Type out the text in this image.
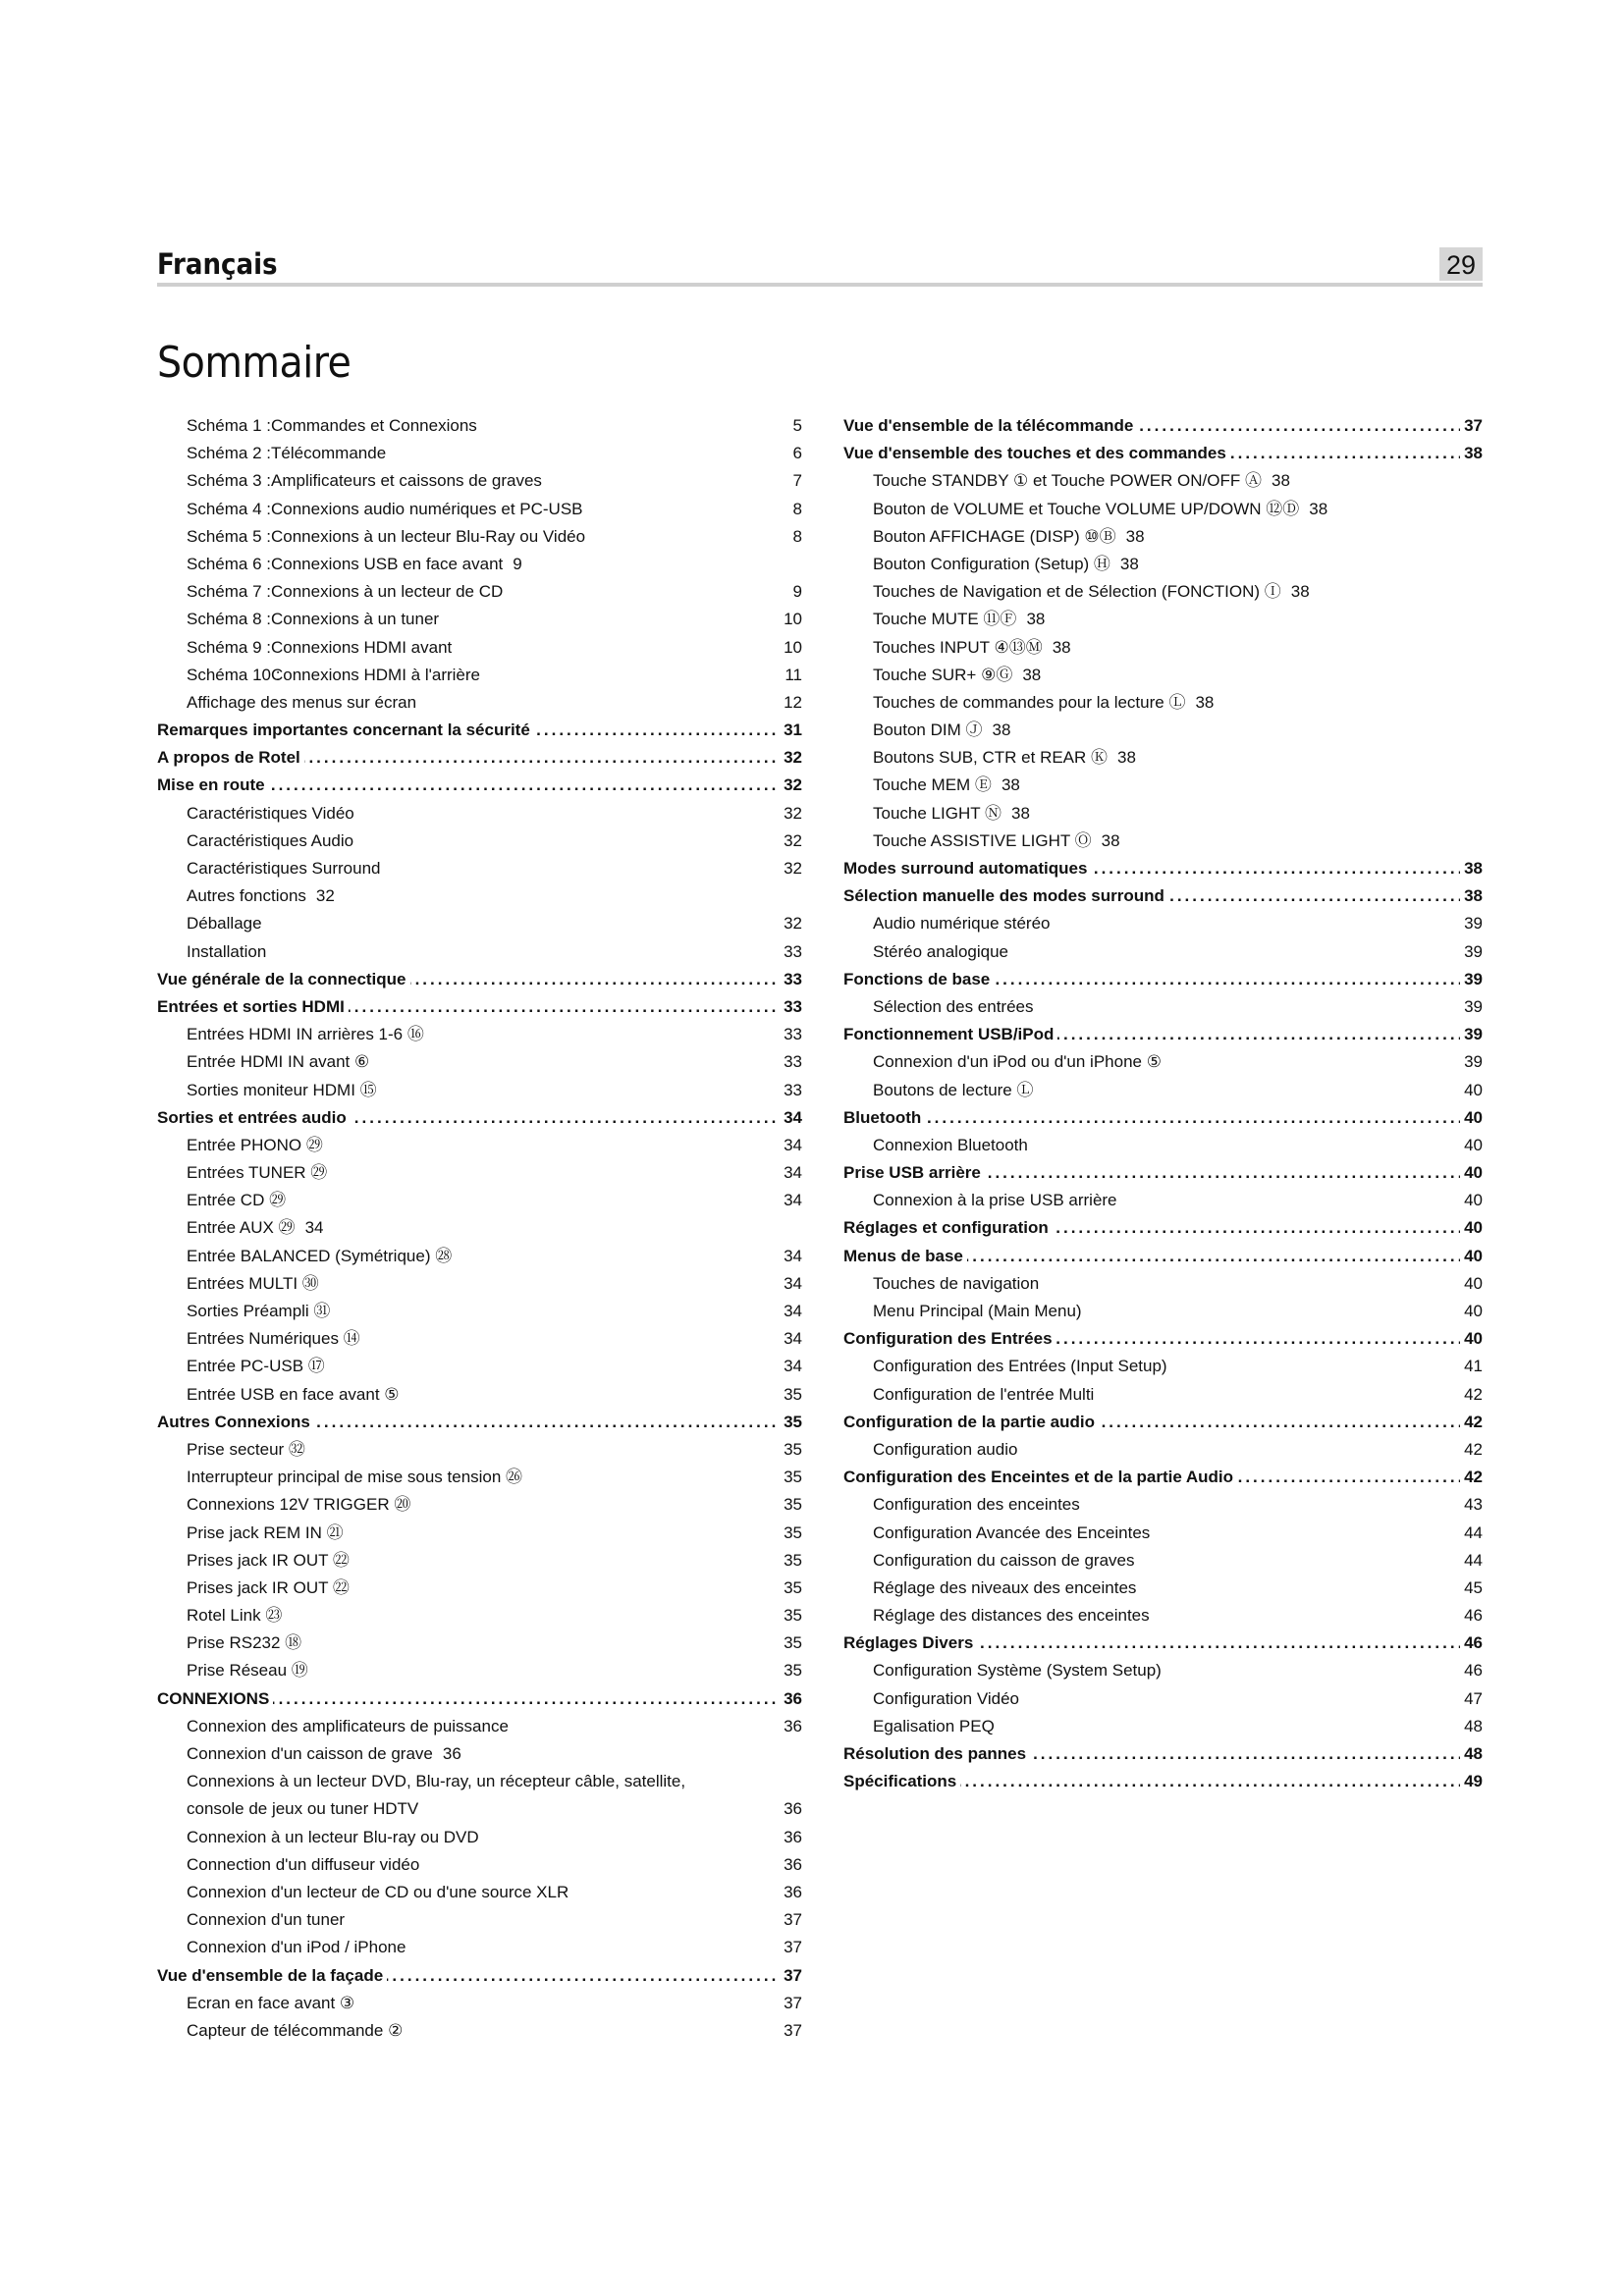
Français	29
Sommaire
Schéma 1 :Commandes et Connexions	5
Schéma 2 :Télécommande	6
Schéma 3 :Amplificateurs et caissons de graves	7
Schéma 4 :Connexions audio numériques et PC-USB	8
Schéma 5 :Connexions à un lecteur Blu-Ray ou Vidéo	8
Schéma 6 :Connexions USB en face avant 9
Schéma 7 :Connexions à un lecteur de CD	9
Schéma 8 :Connexions à un tuner	10
Schéma 9 :Connexions HDMI avant	10
Schéma 10 :Connexions HDMI à l'arrière	11
Affichage des menus sur écran	12
.....
Remarques importantes concernant la sécurité	31
.....
A propos de Rotel	32
.....
Mise en route	32
Caractéristiques Vidéo	32
Caractéristiques Audio	32
Caractéristiques Surround	32
Autres fonctions 32
Déballage	32
Installation	33
.....
Vue générale de la connectique	33
.....
Entrées et sorties HDMI	33
Entrées HDMI IN arrières 1-6 ⑯	33
Entrée HDMI IN avant ⑥	33
Sorties moniteur HDMI ⑮	33
.....
Sorties et entrées audio	34
Entrée PHONO ㉙	34
Entrées TUNER ㉙	34
Entrée CD ㉙	34
Entrée AUX ㉙ 34
Entrée BALANCED (Symétrique) ㉘	34
Entrées MULTI ㉚	34
Sorties Préampli ㉛	34
Entrées Numériques ⑭	34
Entrée PC-USB ⑰	34
Entrée USB en face avant ⑤	35
.....
Autres Connexions	35
Prise secteur ㉜	35
Interrupteur principal de mise sous tension ㉖	35
Connexions 12V TRIGGER ⑳	35
Prise jack REM IN ㉑	35
Prises jack IR OUT ㉒	35
Prises jack IR OUT ㉒	35
Rotel Link ㉓	35
Prise RS232 ⑱	35
Prise Réseau ⑲	35
.....
CONNEXIONS	36
Connexion des amplificateurs de puissance	36
Connexion d'un caisson de grave 36
Connexions à un lecteur DVD, Blu-ray, un récepteur câble, satellite,
console de jeux ou tuner HDTV	36
Connexion à un lecteur Blu-ray ou DVD	36
Connection d'un diffuseur vidéo	36
Connexion d'un lecteur de CD ou d'une source XLR	36
Connexion d'un tuner	37
Connexion d'un iPod / iPhone	37
.....
Vue d'ensemble de la façade	37
Ecran en face avant ③	37
Capteur de télécommande ②	37
.....
Vue d'ensemble de la télécommande	37
.....
Vue d'ensemble des touches et des commandes	38
Touche STANDBY ① et Touche POWER ON/OFF Ⓐ 38
Bouton de VOLUME et Touche VOLUME UP/DOWN ⑫Ⓓ 38
Bouton AFFICHAGE (DISP) ⑩Ⓑ 38
Bouton Configuration (Setup) Ⓗ 38
Touches de Navigation et de Sélection (FONCTION) Ⓘ 38
Touche MUTE ⑪Ⓕ 38
Touches INPUT ④⑬Ⓜ 38
Touche SUR+ ⑨Ⓖ 38
Touches de commandes pour la lecture Ⓛ 38
Bouton DIM Ⓙ 38
Boutons SUB, CTR et REAR Ⓚ 38
Touche MEM Ⓔ 38
Touche LIGHT Ⓝ 38
Touche ASSISTIVE LIGHT Ⓞ 38
.....
Modes surround automatiques	38
.....
Sélection manuelle des modes surround	38
Audio numérique stéréo	39
Stéréo analogique	39
.....
Fonctions de base	39
Sélection des entrées	39
.....
Fonctionnement USB/iPod	39
Connexion d'un iPod ou d'un iPhone ⑤	39
Boutons de lecture Ⓛ	40
.....
Bluetooth	40
Connexion Bluetooth	40
.....
Prise USB arrière	40
Connexion à la prise USB arrière	40
.....
Réglages et configuration	40
.....
Menus de base	40
Touches de navigation	40
Menu Principal (Main Menu)	40
.....
Configuration des Entrées	40
Configuration des Entrées (Input Setup)	41
Configuration de l'entrée Multi	42
.....
Configuration de la partie audio	42
Configuration audio	42
.....
Configuration des Enceintes et de la partie Audio	42
Configuration des enceintes	43
Configuration Avancée des Enceintes	44
Configuration du caisson de graves	44
Réglage des niveaux des enceintes	45
Réglage des distances des enceintes	46
.....
Réglages Divers	46
Configuration Système (System Setup)	46
Configuration Vidéo	47
Egalisation PEQ	48
.....
Résolution des pannes	48
.....
Spécifications	49
